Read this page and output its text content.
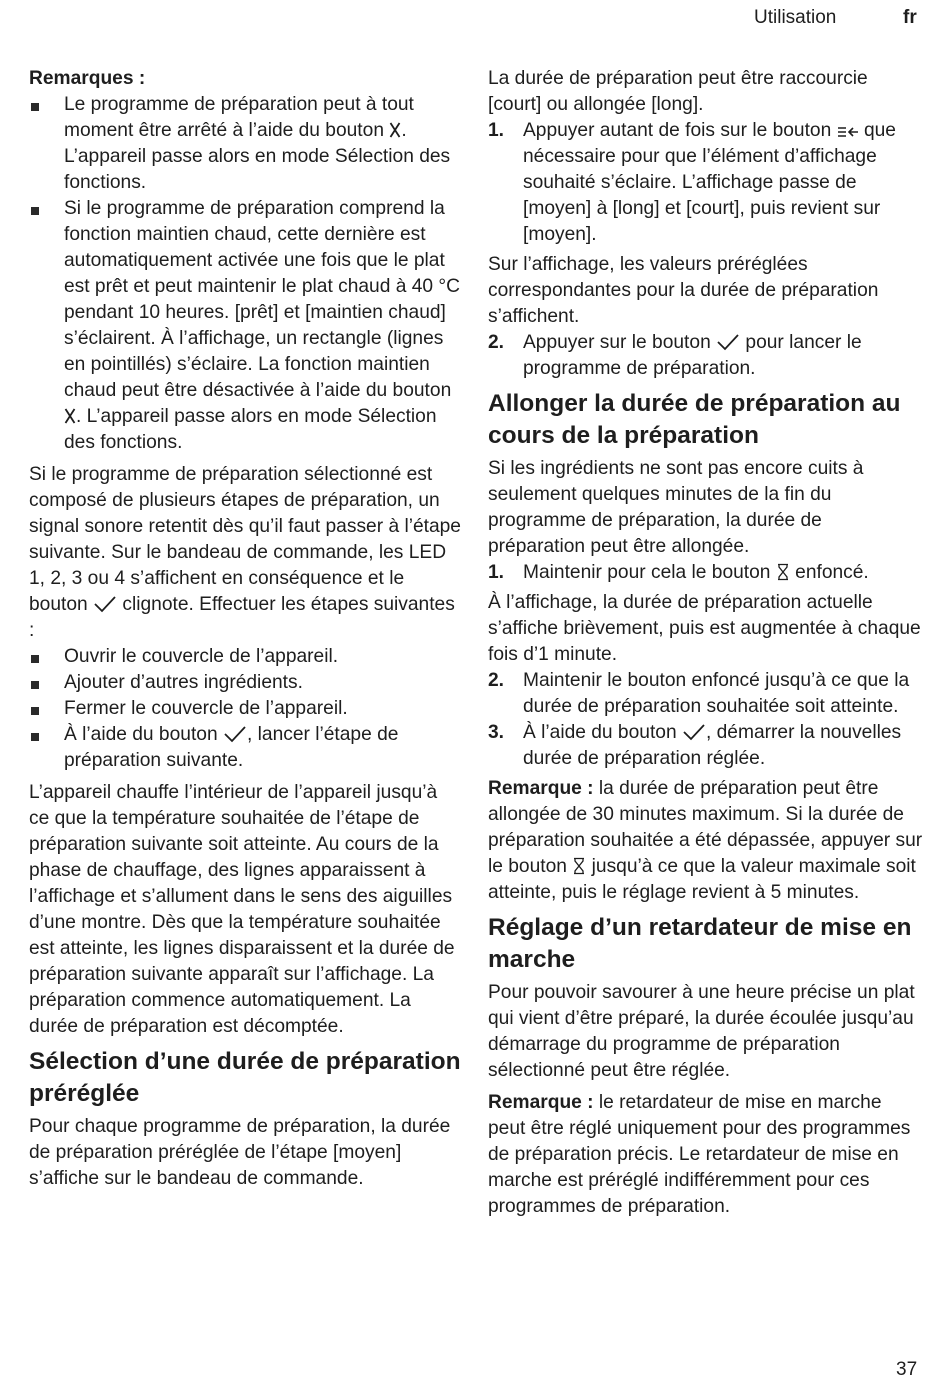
Utilisation	fr
Remarques :
Le programme de préparation peut à tout moment être arrêté à l’aide du bouton . L’appareil passe alors en mode Sélection des fonctions.
Si le programme de préparation comprend la fonction maintien chaud, cette dernière est automatiquement activée une fois que le plat est prêt et peut maintenir le plat chaud à 40 °C pendant 10 heures. [prêt] et [maintien chaud] s’éclairent. À l’affichage, un rectangle (lignes en pointillés) s’éclaire. La fonction maintien chaud peut être désactivée à l’aide du bouton . L’appareil passe alors en mode Sélection des fonctions.
Si le programme de préparation sélectionné est composé de plusieurs étapes de préparation, un signal sonore retentit dès qu’il faut passer à l’étape suivante. Sur le bandeau de commande, les LED 1, 2, 3 ou 4 s’affichent en conséquence et le bouton clignote. Effectuer les étapes suivantes :
Ouvrir le couvercle de l’appareil.
Ajouter d’autres ingrédients.
Fermer le couvercle de l’appareil.
À l’aide du bouton , lancer l’étape de préparation suivante.
L’appareil chauffe l’intérieur de l’appareil jusqu’à ce que la température souhaitée de l’étape de préparation suivante soit atteinte. Au cours de la phase de chauffage, des lignes apparaissent à l’affichage et s’allument dans le sens des aiguilles d’une montre. Dès que la température souhaitée est atteinte, les lignes disparaissent et la durée de préparation suivante apparaît sur l’affichage. La préparation commence automatiquement. La durée de préparation est décomptée.
Sélection d’une durée de préparation préréglée
Pour chaque programme de préparation, la durée de préparation préréglée de l’étape [moyen] s’affiche sur le bandeau de commande.
La durée de préparation peut être raccourcie [court] ou allongée [long].
1. Appuyer autant de fois sur le bouton que nécessaire pour que l’élément d’affichage souhaité s’éclaire. L’affichage passe de [moyen] à [long] et [court], puis revient sur [moyen].
Sur l’affichage, les valeurs préréglées correspondantes pour la durée de préparation s’affichent.
2. Appuyer sur le bouton pour lancer le programme de préparation.
Allonger la durée de préparation au cours de la préparation
Si les ingrédients ne sont pas encore cuits à seulement quelques minutes de la fin du programme de préparation, la durée de préparation peut être allongée.
1. Maintenir pour cela le bouton enfoncé.
À l’affichage, la durée de préparation actuelle s’affiche brièvement, puis est augmentée à chaque fois d’1 minute.
2. Maintenir le bouton enfoncé jusqu’à ce que la durée de préparation souhaitée soit atteinte.
3. À l’aide du bouton , démarrer la nouvelles durée de préparation réglée.
Remarque : la durée de préparation peut être allongée de 30 minutes maximum. Si la durée de préparation souhaitée a été dépassée, appuyer sur le bouton jusqu’à ce que la valeur maximale soit atteinte, puis le réglage revient à 5 minutes.
Réglage d’un retardateur de mise en marche
Pour pouvoir savourer à une heure précise un plat qui vient d’être préparé, la durée écoulée jusqu’au démarrage du programme de préparation sélectionné peut être réglée.
Remarque : le retardateur de mise en marche peut être réglé uniquement pour des programmes de préparation précis. Le retardateur de mise en marche est préréglé indifféremment pour ces programmes de préparation.
37
